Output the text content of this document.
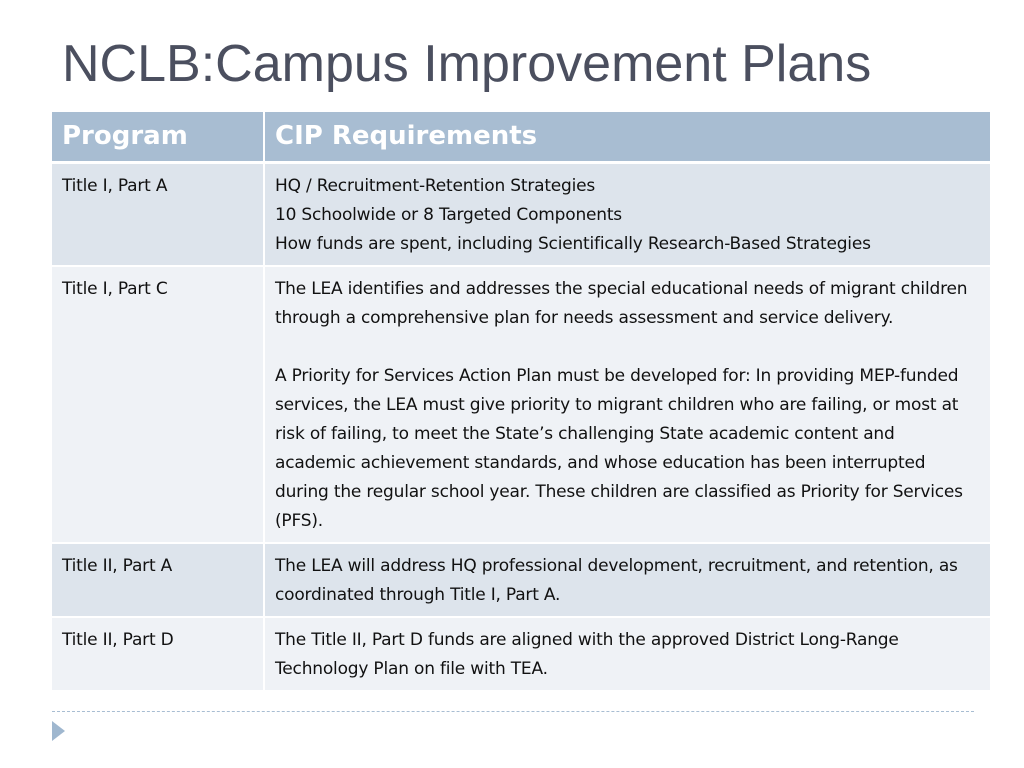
NCLB:Campus Improvement Plans
Program	CIP Requirements
Title I, Part A	HQ / Recruitment-Retention Strategies
10 Schoolwide or 8 Targeted Components
How funds are spent, including Scientifically Research-Based Strategies

Title I, Part C	The LEA identifies and addresses the special educational needs of migrant children through a comprehensive plan for needs assessment and service delivery.
A Priority for Services Action Plan must be developed for: In providing MEP-funded services, the LEA must give priority to migrant children who are failing, or most at risk of failing, to meet the State’s challenging State academic content and academic achievement standards, and whose education has been interrupted during the regular school year. These children are classified as Priority for Services (PFS).

Title II, Part A	The LEA will address HQ professional development, recruitment, and retention, as coordinated through Title I, Part A.
Title II, Part D	The Title II, Part D funds are aligned with the approved District Long-Range Technology Plan on file with TEA.
